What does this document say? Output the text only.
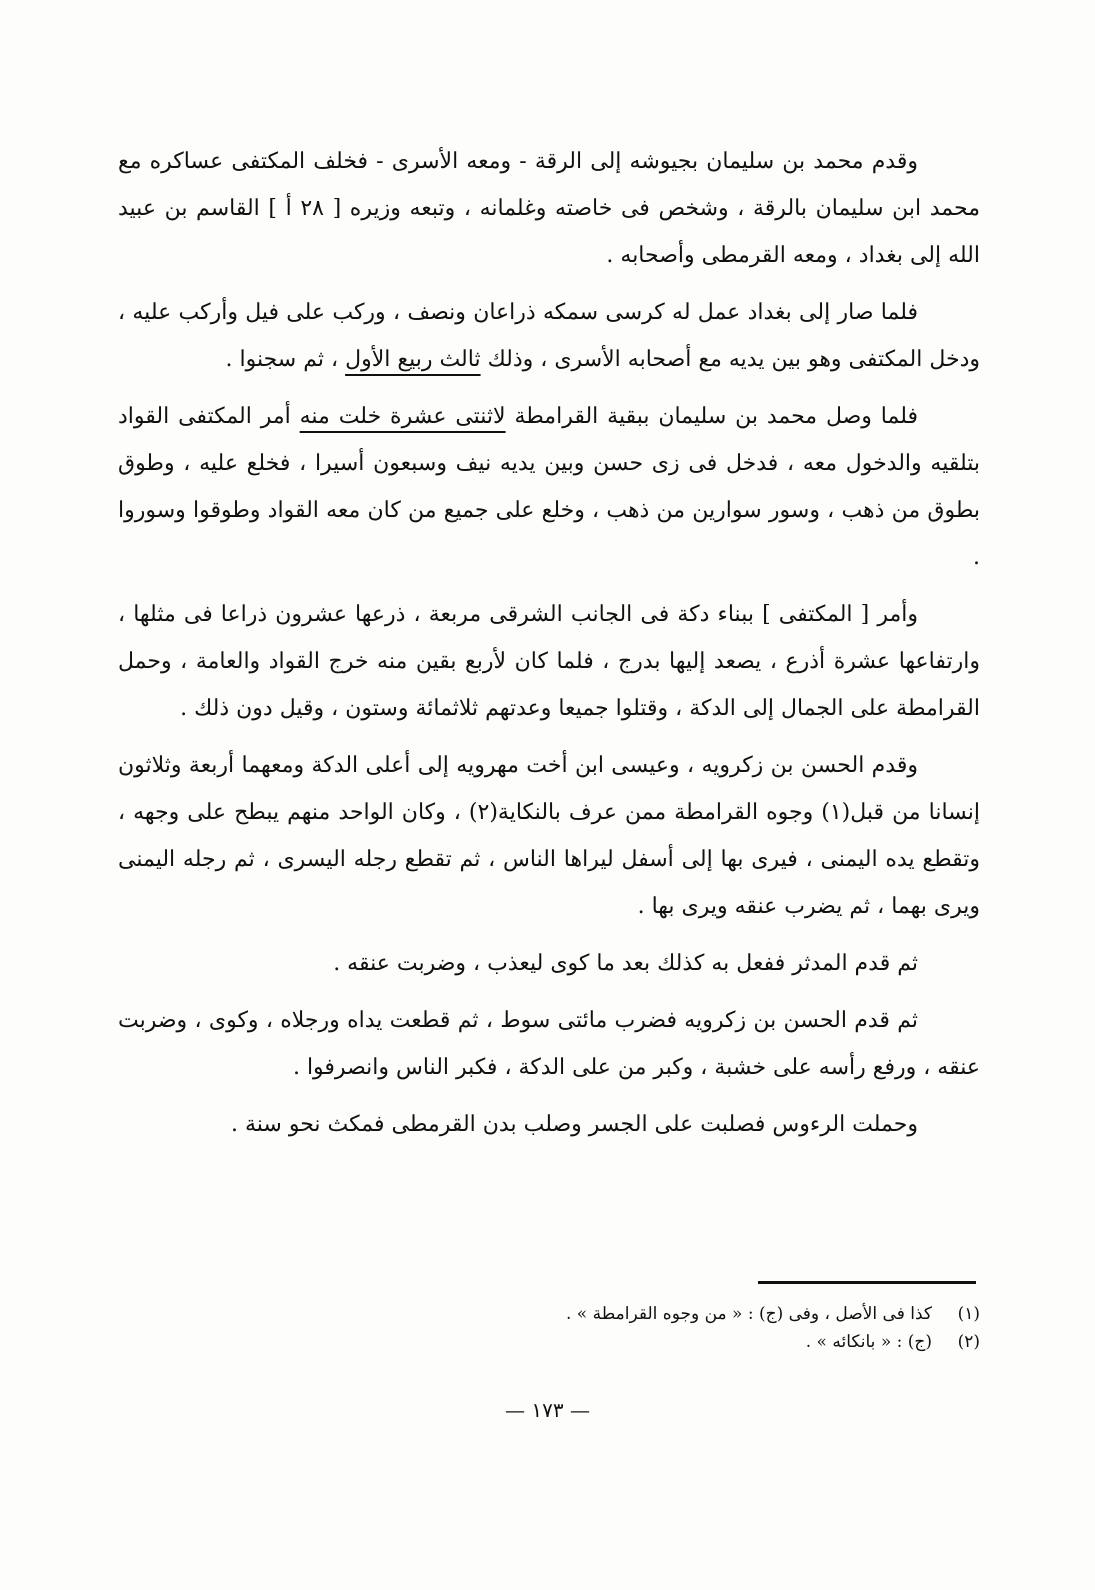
وقدم محمد بن سليمان بجيوشه إلى الرقة - ومعه الأسرى - فخلف المكتفى عساكره مع محمد ابن سليمان بالرقة ، وشخص فى خاصته وغلمانه ، وتبعه وزيره [ ٢٨ أ ] القاسم بن عبيد الله إلى بغداد ، ومعه القرمطى وأصحابه .

فلما صار إلى بغداد عمل له كرسى سمكه ذراعان ونصف ، وركب على فيل وأركب عليه ، ودخل المكتفى وهو بين يديه مع أصحابه الأسرى ، وذلك ثالث ربيع الأول ، ثم سجنوا .

فلما وصل محمد بن سليمان ببقية القرامطة لاثنتى عشرة خلت منه أمر المكتفى القواد بتلقيه والدخول معه ، فدخل فى زى حسن وبين يديه نيف وسبعون أسيرا ، فخلع عليه ، وطوق بطوق من ذهب ، وسور سوارين من ذهب ، وخلع على جميع من كان معه القواد وطوقوا وسوروا .

وأمر [ المكتفى ] ببناء دكة فى الجانب الشرقى مربعة ، ذرعها عشرون ذراعا فى مثلها ، وارتفاعها عشرة أذرع ، يصعد إليها بدرج ، فلما كان لأربع بقين منه خرج القواد والعامة ، وحمل القرامطة على الجمال إلى الدكة ، وقتلوا جميعا وعدتهم ثلاثمائة وستون ، وقيل دون ذلك .

وقدم الحسن بن زكرويه ، وعيسى ابن أخت مهرويه إلى أعلى الدكة ومعهما أربعة وثلاثون إنسانا من قبل(١) وجوه القرامطة ممن عرف بالنكاية(٢) ، وكان الواحد منهم يبطح على وجهه ، وتقطع يده اليمنى ، فيرى بها إلى أسفل ليراها الناس ، ثم تقطع رجله اليسرى ، ثم رجله اليمنى ويرى بهما ، ثم يضرب عنقه ويرى بها .

ثم قدم المدثر ففعل به كذلك بعد ما كوى ليعذب ، وضربت عنقه .

ثم قدم الحسن بن زكرويه فضرب مائتى سوط ، ثم قطعت يداه ورجلاه ، وكوى ، وضربت عنقه ، ورفع رأسه على خشبة ، وكبر من على الدكة ، فكبر الناس وانصرفوا .

وحملت الرءوس فصلبت على الجسر وصلب بدن القرمطى فمكث نحو سنة .

(١)
كذا فى الأصل ، وفى (ج) : « من وجوه القرامطة » .
(٢)
(ج) : « بانكائه » .
— ١٧٣ —
